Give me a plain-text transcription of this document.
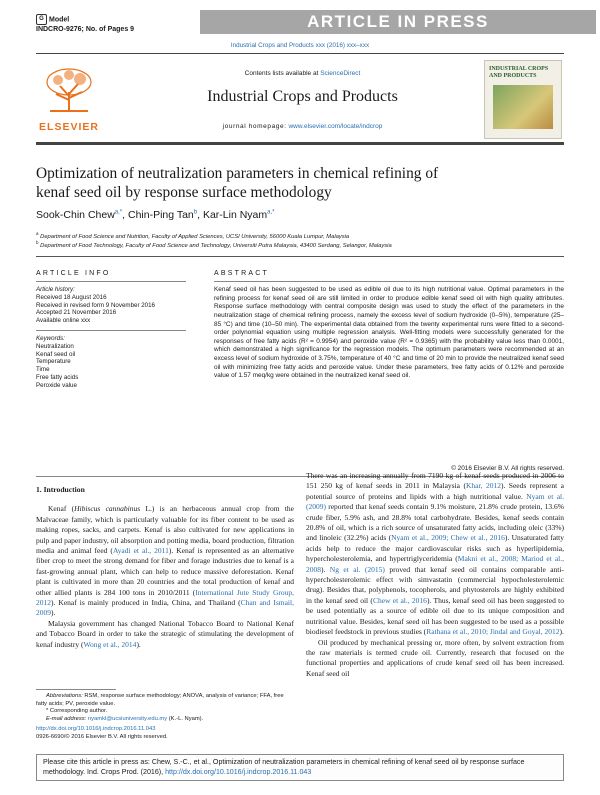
G Model
INDCRO-9276; No. of Pages 9	ARTICLE IN PRESS
Industrial Crops and Products xxx (2016) xxx–xxx
ELSEVIER
Contents lists available at ScienceDirect
Industrial Crops and Products
journal homepage: www.elsevier.com/locate/indcrop
INDUSTRIAL CROPS AND PRODUCTS
Optimization of neutralization parameters in chemical refining of
kenaf seed oil by response surface methodology
Sook-Chin Chew$^{a,*}$, Chin-Ping Tan$^b$, Kar-Lin Nyam$^{a,*}$
$^a$ Department of Food Science and Nutrition, Faculty of Applied Sciences, UCSI University, 56000 Kuala Lumpur, Malaysia
$^b$ Department of Food Technology, Faculty of Food Science and Technology, Universiti Putra Malaysia, 43400 Serdang, Selangor, Malaysia
ARTICLE INFO
Article history:
Received 18 August 2016
Received in revised form 9 November 2016
Accepted 21 November 2016
Available online xxx
Keywords:
Neutralization
Kenaf seed oil
Temperature
Time
Free fatty acids
Peroxide value
ABSTRACT
Kenaf seed oil has been suggested to be used as edible oil due to its high nutritional value. Optimal parameters in the refining process for kenaf seed oil are still limited in order to produce edible kenaf seed oil with high quality attributes. Response surface methodology with central composite design was used to study the effect of the parameters in the neutralization stage of chemical refining process, namely the excess level of sodium hydroxide (0–5%), temperature (25–85 °C) and time (10–50 min). The experimental data obtained from the twenty experimental runs were fitted to a second-order polynomial equation using multiple regression analysis. Well-fitting models were successfully generated for the responses of free fatty acids (R² = 0.9954) and peroxide value (R² = 0.9365) with the probability value less than 0.0001, which demonstrated a high significance for the regression models. The optimum parameters were recommended at an excess level of sodium hydroxide of 3.75%, temperature of 40 °C and time of 20 min to provide the neutralized kenaf seed oil with minimizing free fatty acids and peroxide value. Under these parameters, free fatty acids of 0.12% and peroxide value of 1.57 meq/kg were obtained in the neutralized kenaf seed oil.
© 2016 Elsevier B.V. All rights reserved.

1. Introduction

Kenaf (Hibiscus cannabinus L.) is an herbaceous annual crop from the Malvaceae family, which is particularly valuable for its fiber content to be used as making ropes, sacks, and carpets. Kenaf is also cultivated for new applications in pulp and paper industry, oil absorption and potting media, board production, filtration media and animal feed (Ayadi et al., 2011). Kenaf is represented as an alternative fiber crop to meet the strong demand for fiber and forage industries due to kenaf is a fast-growing annual plant, which can help to reduce massive deforestation. Kenaf plant is cultivated in more than 20 countries and the total production of kenaf and other allied plants is 284 100 tons in 2010/2011 (International Jute Study Group, 2012). Kenaf is mainly produced in India, China, and Thailand (Chan and Ismail, 2009).

Malaysia government has changed National Tobacco Board to National Kenaf and Tobacco Board in order to take the strategic of stimulating the development of kenaf industry (Wong et al., 2014).

There was an increasing annually from 7190 kg of kenaf seeds produced in 2006 to 151 250 kg of kenaf seeds in 2011 in Malaysia (Khar, 2012). Seeds represent a potential source of proteins and lipids with a high nutritional value. Nyam et al. (2009) reported that kenaf seeds contain 9.1% moisture, 21.8% crude protein, 13.6% crude fiber, 5.9% ash, and 28.8% total carbohydrate. Besides, kenaf seeds contain 20.8% of oil, which is a rich source of unsaturated fatty acids, including oleic (33%) and linoleic (32.2%) acids (Nyam et al., 2009; Chew et al., 2016). Unsaturated fatty acids help to reduce the major cardiovascular risks such as hyperlipidemia, hypercholesterolemia, and hypertriglyceridemia (Makni et al., 2008; Mariod et al., 2008). Ng et al. (2015) proved that kenaf seed oil contains comparable anti-hypercholesterolemic effect with simvastatin (commercial hypocholesterolemic drug). Besides that, polyphenols, tocopherols, and phytosterols are highly exhibited in the kenaf seed oil (Chew et al., 2016). Thus, kenaf seed oil has been suggested to be used potentially as a source of edible oil due to its unique composition and nutritional value. Besides, kenaf seed oil has been suggested to be used as a possible biodiesel feedstock in previous studies (Rathana et al., 2010; Jindal and Goyal, 2012).

Oil produced by mechanical pressing or, more often, by solvent extraction from the raw materials is termed crude oil. Currently, research that focused on the functional properties and applications of crude kenaf seed oil has been increased. Kenaf seed oil

Abbreviations: RSM, response surface methodology; ANOVA, analysis of variance; FFA, free fatty acids; PV, peroxide value.

* Corresponding author.

E-mail address: nyamkl@ucsiuniversity.edu.my (K.-L. Nyam).

http://dx.doi.org/10.1016/j.indcrop.2016.11.043
0926-6690/© 2016 Elsevier B.V. All rights reserved.
Please cite this article in press as: Chew, S.-C., et al., Optimization of neutralization parameters in chemical refining of kenaf seed oil by response surface methodology. Ind. Crops Prod. (2016), http://dx.doi.org/10.1016/j.indcrop.2016.11.043
